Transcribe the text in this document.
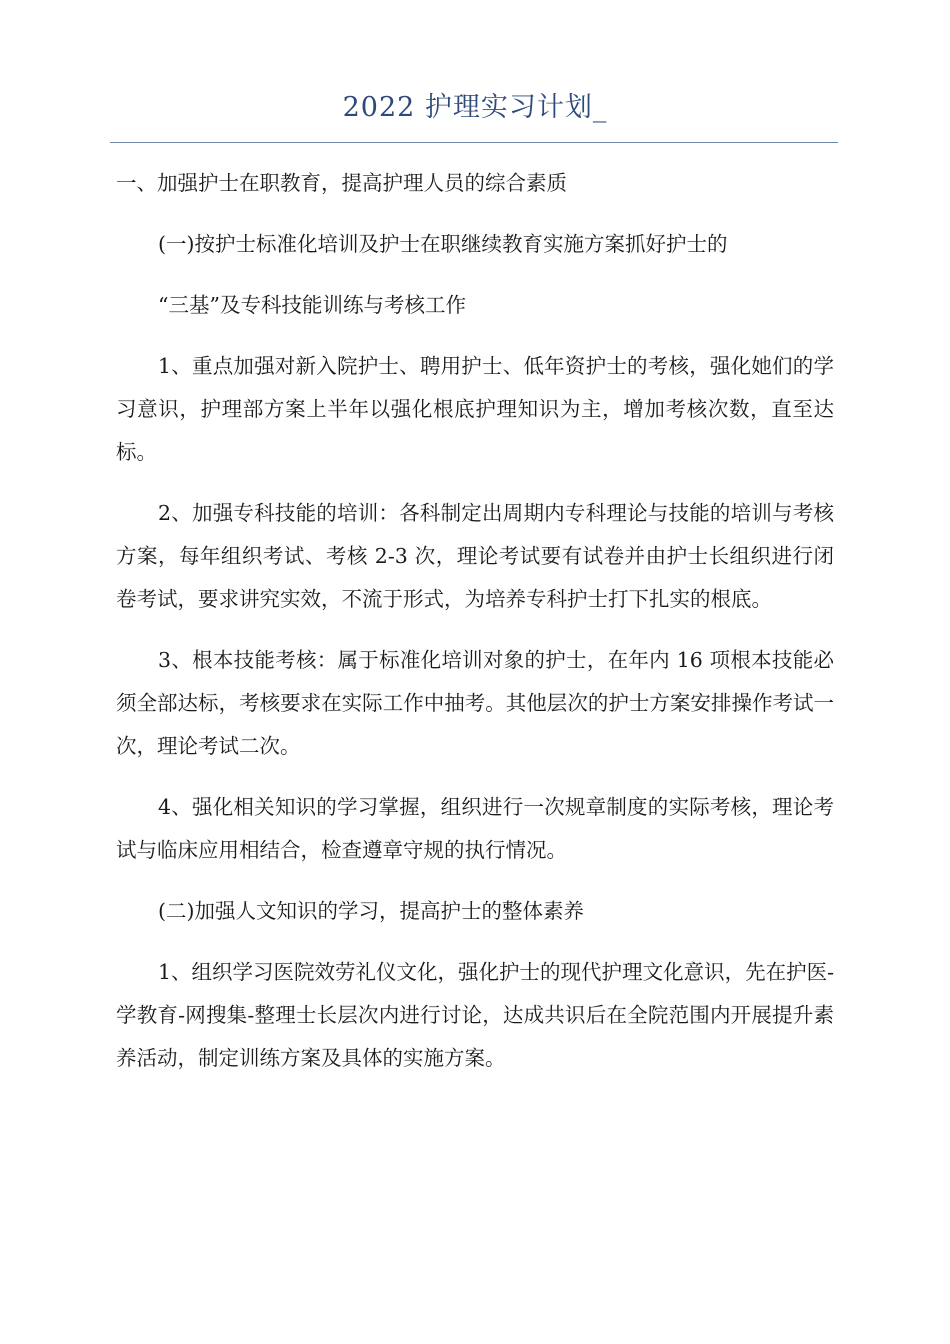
2022 护理实习计划_

一、加强护士在职教育，提高护理人员的综合素质

(一)按护士标准化培训及护士在职继续教育实施方案抓好护士的

“三基”及专科技能训练与考核工作

1、重点加强对新入院护士、聘用护士、低年资护士的考核，强化她们的学习意识，护理部方案上半年以强化根底护理知识为主，增加考核次数，直至达标。

2、加强专科技能的培训：各科制定出周期内专科理论与技能的培训与考核方案，每年组织考试、考核 2-3 次，理论考试要有试卷并由护士长组织进行闭卷考试，要求讲究实效，不流于形式，为培养专科护士打下扎实的根底。

3、根本技能考核：属于标准化培训对象的护士，在年内 16 项根本技能必须全部达标，考核要求在实际工作中抽考。其他层次的护士方案安排操作考试一次，理论考试二次。

4、强化相关知识的学习掌握，组织进行一次规章制度的实际考核，理论考试与临床应用相结合，检查遵章守规的执行情况。

(二)加强人文知识的学习，提高护士的整体素养

1、组织学习医院效劳礼仪文化，强化护士的现代护理文化意识，先在护医-学教育-网搜集-整理士长层次内进行讨论，达成共识后在全院范围内开展提升素养活动，制定训练方案及具体的实施方案。
